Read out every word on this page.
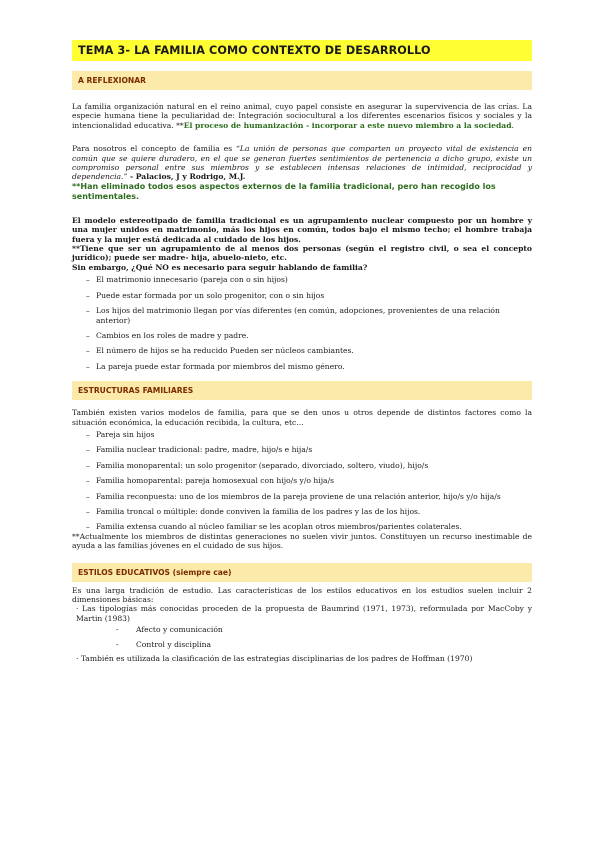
TEMA 3- LA FAMILIA COMO CONTEXTO DE DESARROLLO
A REFLEXIONAR

La familia organización natural en el reino animal, cuyo papel consiste en asegurar la supervivencia de las crías. La especie humana tiene la peculiaridad de: Integración sociocultural a los diferentes escenarios físicos y sociales y la intencionalidad educativa. **El proceso de humanización - incorporar a este nuevo miembro a la sociedad.

Para nosotros el concepto de familia es “La unión de personas que comparten un proyecto vital de existencia en común que se quiere duradero, en el que se generan fuertes sentimientos de pertenencia a dicho grupo, existe un compromiso personal entre sus miembros y se establecen intensas relaciones de intimidad, reciprocidad y dependencia.” - Palacios, J y Rodrigo, M.J.

**Han eliminado todos esos aspectos externos de la familia tradicional, pero han recogido los sentimentales.

El modelo estereotipado de familia tradicional es un agrupamiento nuclear compuesto por un hombre y una mujer unidos en matrimonio, más los hijos en común, todos bajo el mismo techo; el hombre trabaja fuera y la mujer está dedicada al cuidado de los hijos.

**Tiene que ser un agrupamiento de al menos dos personas (según el registro civil, o sea el concepto jurídico); puede ser madre- hija, abuelo-nieto, etc.

Sin embargo, ¿Qué NO es necesario para seguir hablando de familia?

– El matrimonio innecesario (pareja con o sin hijos)
– Puede estar formada por un solo progenitor, con o sin hijos
– Los hijos del matrimonio llegan por vías diferentes (en común, adopciones, provenientes de una relación anterior)
– Cambios en los roles de madre y padre.
– El número de hijos se ha reducido Pueden ser núcleos cambiantes.
– La pareja puede estar formada por miembros del mismo género.
ESTRUCTURAS FAMILIARES

También existen varios modelos de familia, para que se den unos u otros depende de distintos factores como la situación económica, la educación recibida, la cultura, etc...

– Pareja sin hijos
– Familia nuclear tradicional: padre, madre, hijo/s e hija/s
– Familia monoparental: un solo progenitor (separado, divorciado, soltero, viudo), hijo/s
– Familia homoparental: pareja homosexual con hijo/s y/o hija/s
– Familia reconpuesta: uno de los miembros de la pareja proviene de una relación anterior, hijo/s y/o hija/s
– Familia troncal o múltiple: donde conviven la familia de los padres y las de los hijos.
– Familia extensa cuando al núcleo familiar se les acoplan otros miembros/parientes colaterales.

**Actualmente los miembros de distintas generaciones no suelen vivir juntos. Constituyen un recurso inestimable de ayuda a las familias jóvenes en el cuidado de sus hijos.

ESTILOS EDUCATIVOS (siempre cae)

Es una larga tradición de estudio. Las características de los estilos educativos en los estudios suelen incluir 2 dimensiones básicas:

· Las tipologías más conocidas proceden de la propuesta de Baumrind (1971, 1973), reformulada por MacCoby y Martin (1983)

- Afecto y comunicación
- Control y disciplina

· También es utilizada la clasificación de las estrategias disciplinarias de los padres de Hoffman (1970)
